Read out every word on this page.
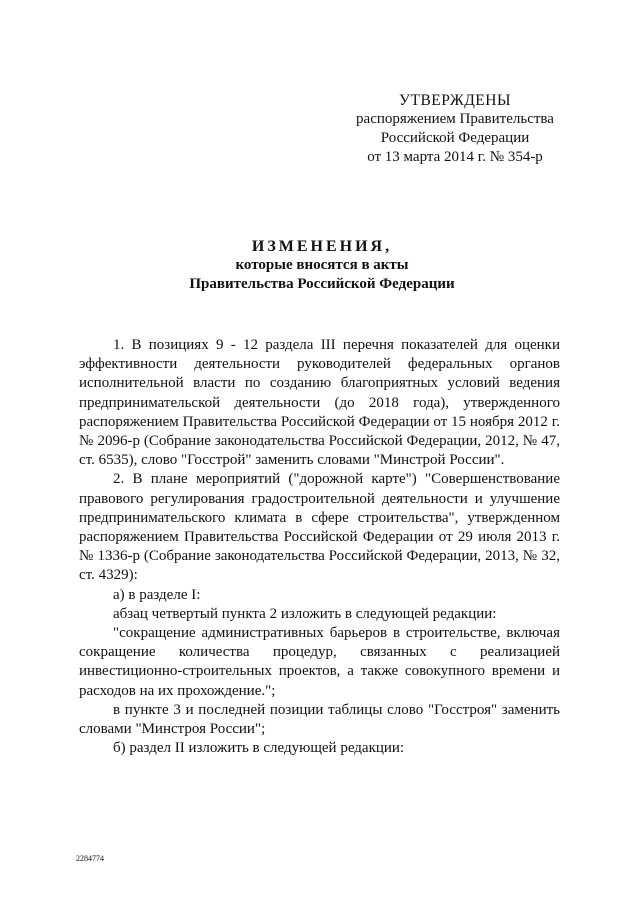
УТВЕРЖДЕНЫ
распоряжением Правительства
Российской Федерации
от 13 марта 2014 г. № 354-р
ИЗМЕНЕНИЯ,
которые вносятся в акты
Правительства Российской Федерации

1. В позициях 9 - 12 раздела III перечня показателей для оценки эффективности деятельности руководителей федеральных органов исполнительной власти по созданию благоприятных условий ведения предпринимательской деятельности (до 2018 года), утвержденного распоряжением Правительства Российской Федерации от 15 ноября 2012 г. № 2096-р (Собрание законодательства Российской Федерации, 2012, № 47, ст. 6535), слово "Госстрой" заменить словами "Минстрой России".

2. В плане мероприятий ("дорожной карте") "Совершенствование правового регулирования градостроительной деятельности и улучшение предпринимательского климата в сфере строительства", утвержденном распоряжением Правительства Российской Федерации от 29 июля 2013 г. № 1336-р (Собрание законодательства Российской Федерации, 2013, № 32, ст. 4329):

а) в разделе I:

абзац четвертый пункта 2 изложить в следующей редакции:

"сокращение административных барьеров в строительстве, включая сокращение количества процедур, связанных с реализацией инвестиционно-строительных проектов, а также совокупного времени и расходов на их прохождение.";

в пункте 3 и последней позиции таблицы слово "Госстроя" заменить словами "Минстроя России";

б) раздел II изложить в следующей редакции:

2284774
